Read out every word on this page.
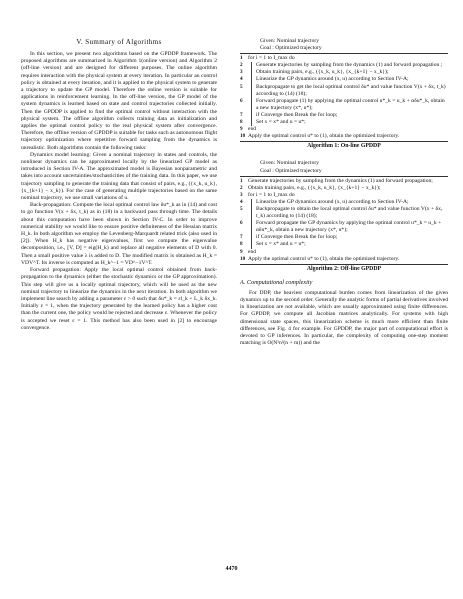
V. Summary of Algorithms

In this section, we present two algorithms based on the GPDDP framework. The proposed algorithms are summarized in Algorithm 1(online version) and Algorithm 2 (off-line version) and are designed for different purposes. The online algorithm requires interaction with the physical system at every iteration. In particular an control policy is obtained at every iteration, and it is applied to the physical system to generate a trajectory to update the GP model. Therefore the online version is suitable for applications in reinforcement learning. In the off-line version, the GP model of the system dynamics is learned based on state and control trajectories collected initially. Then the GPDDP is applied to find the optimal control without interaction with the physical system. The offline algorithm collects training data as initialization and applies the optimal control policy to the real physical system after convergence. Therefore, the offline version of GPDDP is suitable for tasks such as autonomous flight trajectory optimization where repetitive forward sampling from the dynamics is unrealistic. Both algorithms contain the following tasks:

Dynamics model learning: Given a nominal trajectory in states and controls, the nonlinear dynamics can be approximated locally by the linearized GP model as introduced in Section IV-A. The approximated model is Bayesian nonparametric and takes into account uncertainties/stochasticities of the training data. In this paper, we use trajectory sampling to generate the training data that consist of pairs, e.g., ({x_k, u_k}, {x_{k+1} − x_k}). For the case of generating multiple trajectories based on the same nominal trajectory, we use small variations of u.

Back-propagation: Compute the local optimal control law δu*_k as in (14) and cost to go function V(x + δx, t_k) as in (18) in a backward pass through time. The details about this computation have been shown in Section IV-C. In order to improve numerical stability we would like to ensure positive definiteness of the Hessian matrix H_k. In both algorithm we employ the Levenberg-Marquardt related trick (also used in [2]). When H_k has negative eigenvalues, first we compute the eigenvalue decomposition, i.e., [V, D] = eig(H_k) and replace all negative elements of D with 0. Then a small positive value λ is added to D. The modified matrix is obtained as H_k = VDV^T. Its inverse is computed as H_k^−1 = VD^−1V^T.

Forward propagation: Apply the local optimal control obtained from back-propagation to the dynamics (either the stochastic dynamics or the GP approximation). This step will give us a locally optimal trajectory, which will be used as the new nominal trajectory to linearize the dynamics in the next iteration. In both algorithm we implement line search by adding a parameter ε > 0 such that δu*_k = εl_k + L_k δx_k. Initially ε = 1, when the trajectory generated by the learned policy has a higher cost than the current one, the policy would be rejected and decrease ε. Whenever the policy is accepted we reset ε = 1. This method has also been used in [2] to encourage convergence.

Given: Nominal trajectory
Goal : Optimized trajectory
1 for i = 1 to I_max do
2	Generate trajectories by sampling from the dynamics (1) and forward propagation ;
3	Obtain training pairs, e.g., ({x_k, u_k}, {x_{k+1} − x_k});
4	Linearize the GP dynamics around (x, u) according to Section IV-A;
5	Backpropagate to get the local optimal control δu* and value function V(x + δx, t_k) according to (14) (18);
6	Forward propagate (1) by applying the optimal control u*_k = u_k + αδu*_k, obtain a new trajectory (x*, u*);
7	if Converge then Break the for loop;
8	Set x = x* and u = u*;
9 end
10 Apply the optimal control u* to (1), obtain the optimized trajectory.
Algorithm 1: On-line GPDDP
Given: Nominal trajectory
Goal : Optimized trajectory
1 Generate trajectories by sampling from the dynamics (1) and forward propagation;
2 Obtain training pairs, e.g., ({x_k, u_k}, {x_{k+1} − x_k});
3 for i = 1 to I_max do
4	Linearize the GP dynamics around (x, u) according to Section IV-A;
5	Backpropagate to obtain the local optimal control δu* and value function V(x + δx, t_k) according to (14) (18);
6	Forward propagate the GP dynamics by applying the optimal control u*_k = u_k + αδu*_k, obtain a new trajectory (x*, u*);
7	if Converge then Break the for loop;
8	Set x = x* and u = u*;
9 end
10 Apply the optimal control u* to (1), obtain the optimized trajectory.
Algorithm 2: Off-line GPDDP
A. Computational complexity

For DDP, the heaviest computational burden comes from linearization of the given dynamics up to the second order. Generally the analytic forms of partial derivatives involved in linearization are not available, which are usually approximated using finite differences. For GPDDP, we compute all Jacobian matrices analytically. For systems with high dimensional state spaces, this linearization scheme is much more efficient than finite differences, see Fig. 4 for example. For GPDDP, the major part of computational effort is devoted to GP inferences. In particular, the complexity of computing one-step moment matching is O(N²n²(n + m)) and the

4470
